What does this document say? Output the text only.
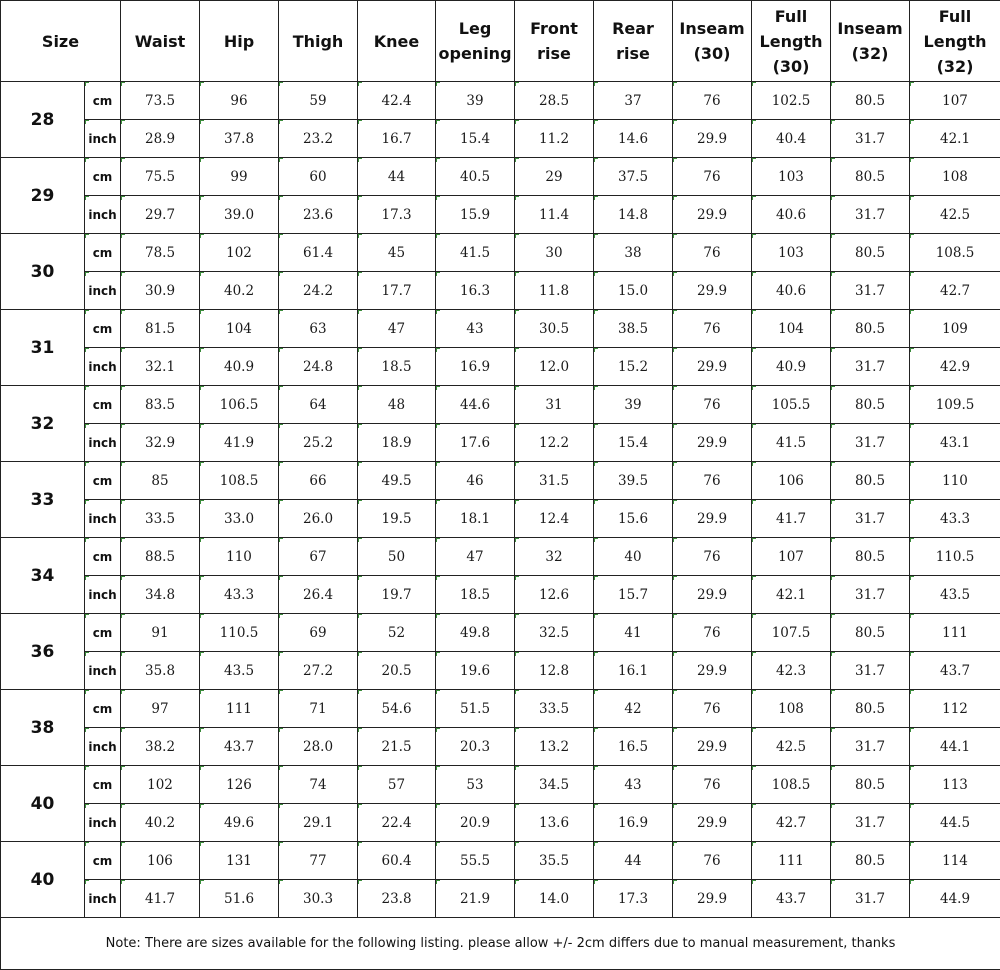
Size		Waist	Hip	Thigh	Knee	Leg opening	Front rise	Rear rise	Inseam (30)	Full Length (30)	Inseam (32)	Full Length (32)
28	cm	73.5	96	59	42.4	39	28.5	37	76	102.5	80.5	107
	inch	28.9	37.8	23.2	16.7	15.4	11.2	14.6	29.9	40.4	31.7	42.1
29	cm	75.5	99	60	44	40.5	29	37.5	76	103	80.5	108
	inch	29.7	39.0	23.6	17.3	15.9	11.4	14.8	29.9	40.6	31.7	42.5
30	cm	78.5	102	61.4	45	41.5	30	38	76	103	80.5	108.5
	inch	30.9	40.2	24.2	17.7	16.3	11.8	15.0	29.9	40.6	31.7	42.7
31	cm	81.5	104	63	47	43	30.5	38.5	76	104	80.5	109
	inch	32.1	40.9	24.8	18.5	16.9	12.0	15.2	29.9	40.9	31.7	42.9
32	cm	83.5	106.5	64	48	44.6	31	39	76	105.5	80.5	109.5
	inch	32.9	41.9	25.2	18.9	17.6	12.2	15.4	29.9	41.5	31.7	43.1
33	cm	85	108.5	66	49.5	46	31.5	39.5	76	106	80.5	110
	inch	33.5	33.0	26.0	19.5	18.1	12.4	15.6	29.9	41.7	31.7	43.3
34	cm	88.5	110	67	50	47	32	40	76	107	80.5	110.5
	inch	34.8	43.3	26.4	19.7	18.5	12.6	15.7	29.9	42.1	31.7	43.5
36	cm	91	110.5	69	52	49.8	32.5	41	76	107.5	80.5	111
	inch	35.8	43.5	27.2	20.5	19.6	12.8	16.1	29.9	42.3	31.7	43.7
38	cm	97	111	71	54.6	51.5	33.5	42	76	108	80.5	112
	inch	38.2	43.7	28.0	21.5	20.3	13.2	16.5	29.9	42.5	31.7	44.1
40	cm	102	126	74	57	53	34.5	43	76	108.5	80.5	113
	inch	40.2	49.6	29.1	22.4	20.9	13.6	16.9	29.9	42.7	31.7	44.5
40	cm	106	131	77	60.4	55.5	35.5	44	76	111	80.5	114
	inch	41.7	51.6	30.3	23.8	21.9	14.0	17.3	29.9	43.7	31.7	44.9
Note: There are sizes available for the following listing. please allow +/- 2cm differs due to manual measurement, thanks												
